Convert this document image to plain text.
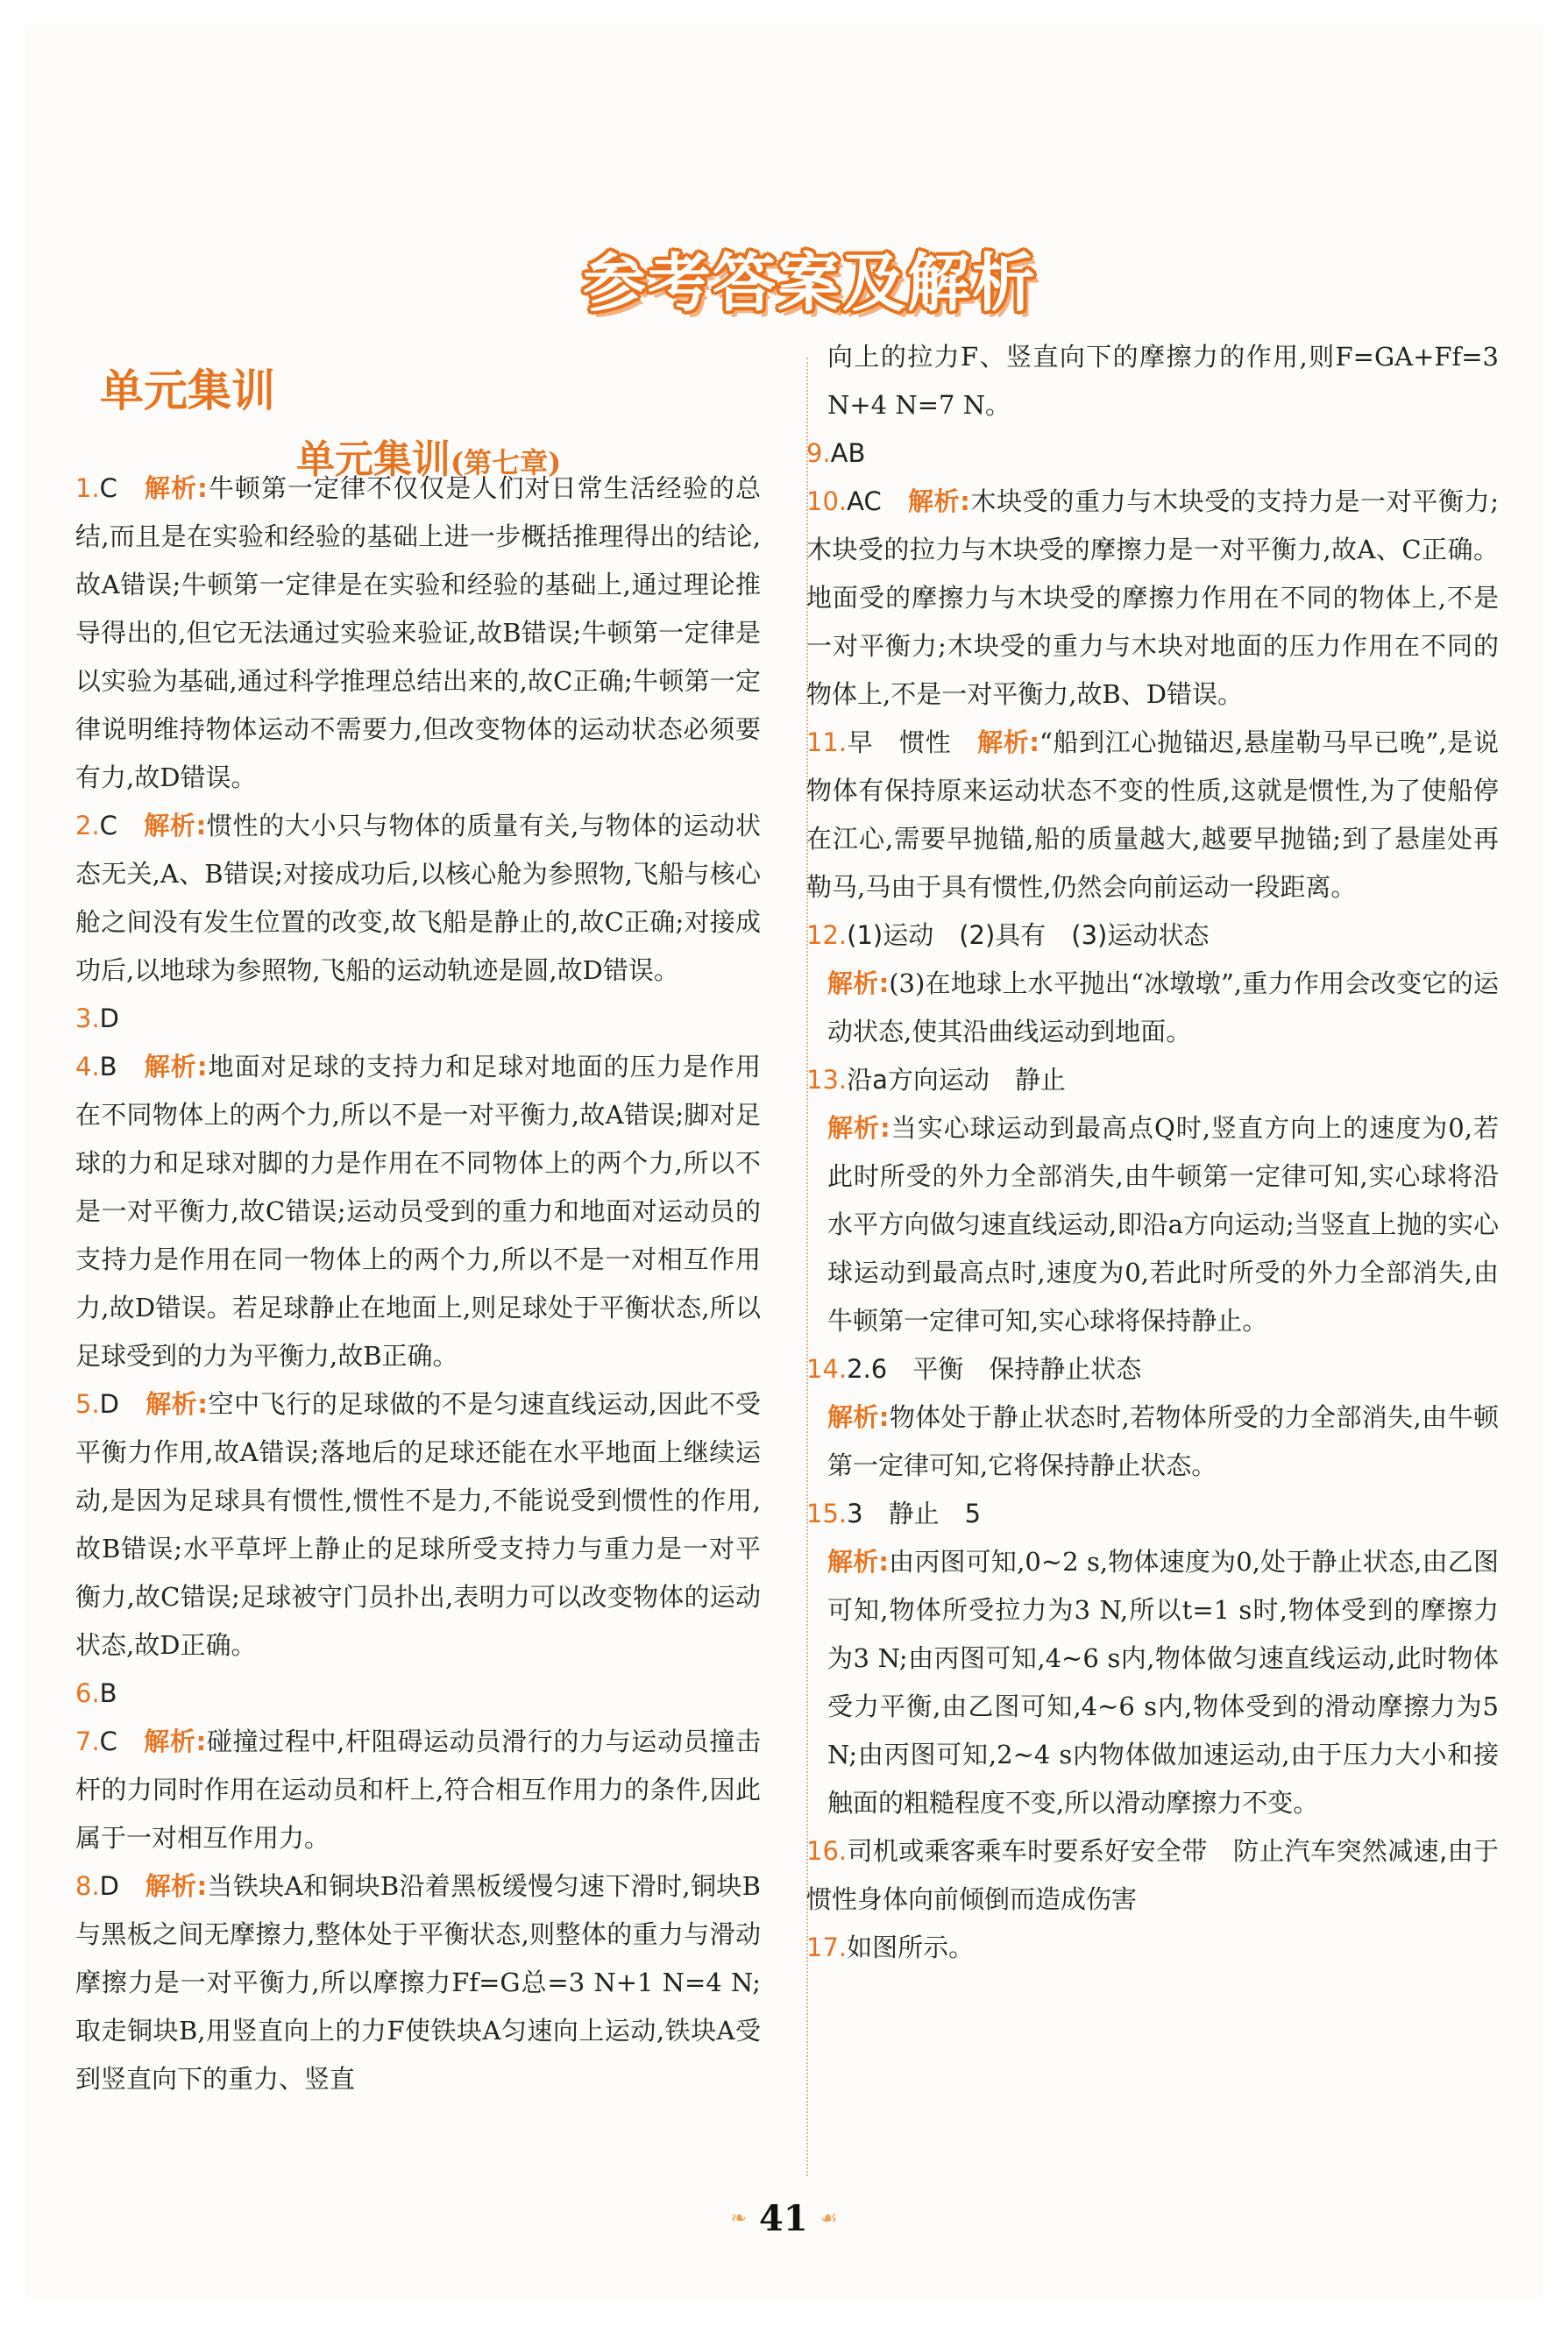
参考答案及解析
单元集训
单元集训(第七章)

1.C　 解析:牛顿第一定律不仅仅是人们对日常生活经验的总结,而且是在实验和经验的基础上进一步概括推理得出的结论,故A错误;牛顿第一定律是在实验和经验的基础上,通过理论推导得出的,但它无法通过实验来验证,故B错误;牛顿第一定律是以实验为基础,通过科学推理总结出来的,故C正确;牛顿第一定律说明维持物体运动不需要力,但改变物体的运动状态必须要有力,故D错误。

2.C　 解析:惯性的大小只与物体的质量有关,与物体的运动状态无关,A、B错误;对接成功后,以核心舱为参照物,飞船与核心舱之间没有发生位置的改变,故飞船是静止的,故C正确;对接成功后,以地球为参照物,飞船的运动轨迹是圆,故D错误。

3.D

4.B　 解析:地面对足球的支持力和足球对地面的压力是作用在不同物体上的两个力,所以不是一对平衡力,故A错误;脚对足球的力和足球对脚的力是作用在不同物体上的两个力,所以不是一对平衡力,故C错误;运动员受到的重力和地面对运动员的支持力是作用在同一物体上的两个力,所以不是一对相互作用力,故D错误。若足球静止在地面上,则足球处于平衡状态,所以足球受到的力为平衡力,故B正确。

5.D　 解析:空中飞行的足球做的不是匀速直线运动,因此不受平衡力作用,故A错误;落地后的足球还能在水平地面上继续运动,是因为足球具有惯性,惯性不是力,不能说受到惯性的作用,故B错误;水平草坪上静止的足球所受支持力与重力是一对平衡力,故C错误;足球被守门员扑出,表明力可以改变物体的运动状态,故D正确。

6.B

7.C　 解析:碰撞过程中,杆阻碍运动员滑行的力与运动员撞击杆的力同时作用在运动员和杆上,符合相互作用力的条件,因此属于一对相互作用力。

8.D　 解析:当铁块A和铜块B沿着黑板缓慢匀速下滑时,铜块B与黑板之间无摩擦力,整体处于平衡状态,则整体的重力与滑动摩擦力是一对平衡力,所以摩擦力Ff=G总=3 N+1 N=4 N;取走铜块B,用竖直向上的力F使铁块A匀速向上运动,铁块A受到竖直向下的重力、竖直

向上的拉力F、竖直向下的摩擦力的作用,则F=GA+Ff=3 N+4 N=7 N。

9.AB

10.AC　 解析:木块受的重力与木块受的支持力是一对平衡力;木块受的拉力与木块受的摩擦力是一对平衡力,故A、C正确。地面受的摩擦力与木块受的摩擦力作用在不同的物体上,不是一对平衡力;木块受的重力与木块对地面的压力作用在不同的物体上,不是一对平衡力,故B、D错误。

11.早　惯性　 解析:“船到江心抛锚迟,悬崖勒马早已晚”,是说物体有保持原来运动状态不变的性质,这就是惯性,为了使船停在江心,需要早抛锚,船的质量越大,越要早抛锚;到了悬崖处再勒马,马由于具有惯性,仍然会向前运动一段距离。

12.(1)运动　(2)具有　(3)运动状态

解析:(3)在地球上水平抛出“冰墩墩”,重力作用会改变它的运动状态,使其沿曲线运动到地面。

13.沿a方向运动　静止

解析:当实心球运动到最高点Q时,竖直方向上的速度为0,若此时所受的外力全部消失,由牛顿第一定律可知,实心球将沿水平方向做匀速直线运动,即沿a方向运动;当竖直上抛的实心球运动到最高点时,速度为0,若此时所受的外力全部消失,由牛顿第一定律可知,实心球将保持静止。

14.2.6　平衡　保持静止状态

解析:物体处于静止状态时,若物体所受的力全部消失,由牛顿第一定律可知,它将保持静止状态。

15.3　静止　5

解析:由丙图可知,0~2 s,物体速度为0,处于静止状态,由乙图可知,物体所受拉力为3 N,所以t=1 s时,物体受到的摩擦力为3 N;由丙图可知,4~6 s内,物体做匀速直线运动,此时物体受力平衡,由乙图可知,4~6 s内,物体受到的滑动摩擦力为5 N;由丙图可知,2~4 s内物体做加速运动,由于压力大小和接触面的粗糙程度不变,所以滑动摩擦力不变。

16.司机或乘客乘车时要系好安全带　防止汽车突然减速,由于惯性身体向前倾倒而造成伤害

17.如图所示。

❧ 41 ☙
